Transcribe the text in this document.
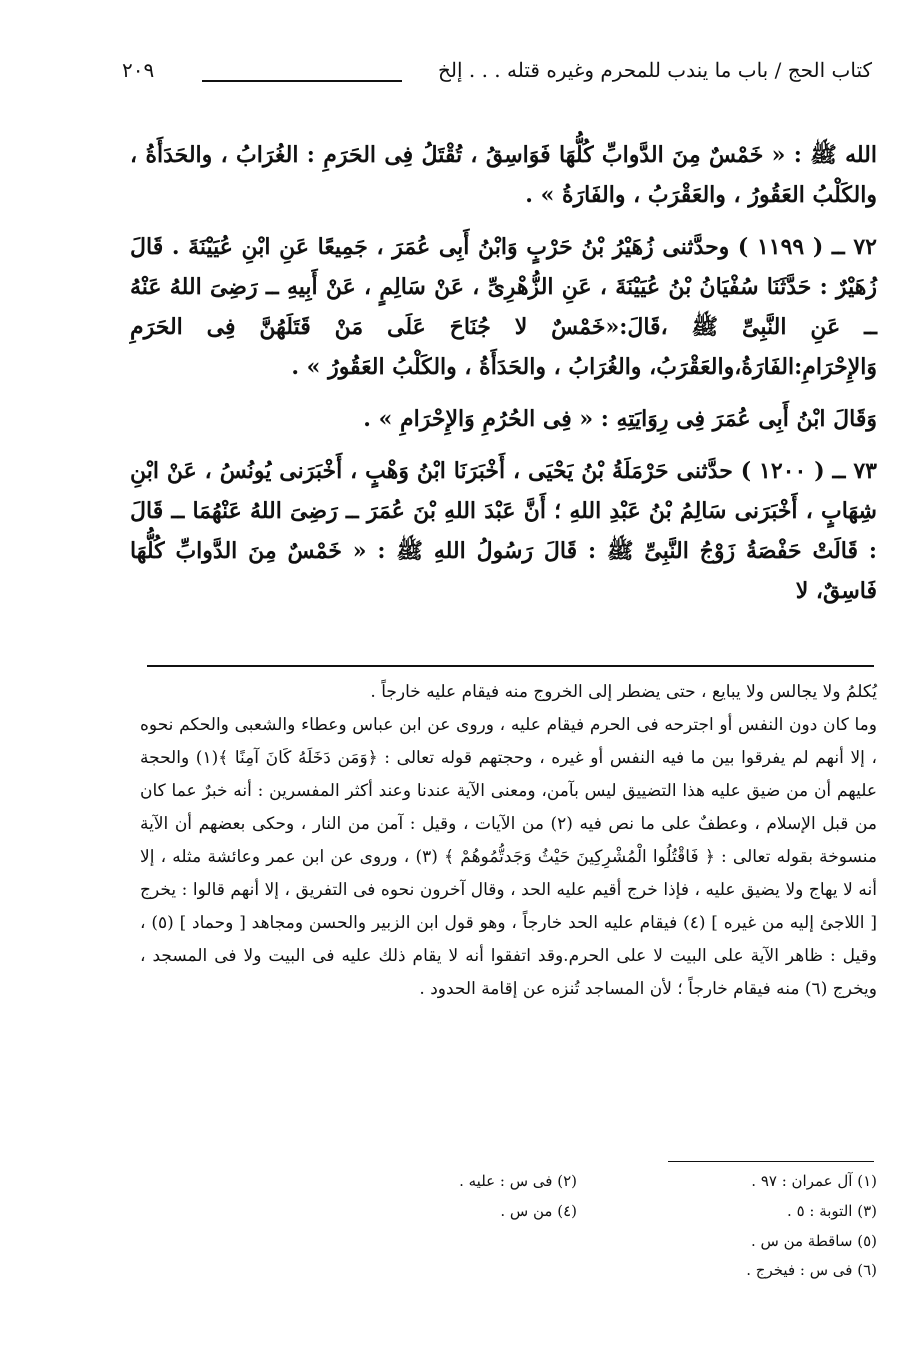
كتاب الحج / باب ما يندب للمحرم وغيره قتله . . . إلخ
٢٠٩

الله ﷺ : « خَمْسٌ مِنَ الدَّوابِّ كُلُّهَا فَوَاسِقُ ، تُقْتَلُ فِى الحَرَمِ : الغُرَابُ ، والحَدَأَةُ ، والكَلْبُ العَقُورُ ، والعَقْرَبُ ، والفَارَةُ » .

٧٢ ــ ( ١١٩٩ ) وحدَّثنى زُهَيْرُ بْنُ حَرْبٍ وَابْنُ أَبِى عُمَرَ ، جَمِيعًا عَنِ ابْنِ عُيَيْنَةَ . قَالَ زُهَيْرٌ : حَدَّثَنَا سُفْيَانُ بْنُ عُيَيْنَةَ ، عَنِ الزُّهْرِىِّ ، عَنْ سَالِمٍ ، عَنْ أَبِيهِ ــ رَضِىَ اللهُ عَنْهُ ــ عَنِ النَّبِىِّ ﷺ ،قَالَ:«خَمْسٌ لا جُنَاحَ عَلَى مَنْ قَتَلَهُنَّ فِى الحَرَمِ وَالإِحْرَامِ:الفَارَةُ،والعَقْرَبُ، والغُرَابُ ، والحَدَأَةُ ، والكَلْبُ العَقُورُ » .

وَقَالَ ابْنُ أَبِى عُمَرَ فِى رِوَايَتِهِ : « فِى الحُرُمِ وَالإِحْرَامِ » .

٧٣ ــ ( ١٢٠٠ ) حدَّثنى حَرْمَلَةُ بْنُ يَحْيَى ، أَخْبَرَنَا ابْنُ وَهْبٍ ، أَخْبَرَنى يُونُسُ ، عَنْ ابْنِ شِهَابٍ ، أَخْبَرَنى سَالِمُ بْنُ عَبْدِ اللهِ ؛ أَنَّ عَبْدَ اللهِ بْنَ عُمَرَ ــ رَضِىَ اللهُ عَنْهُمَا ــ قَالَ : قَالَتْ حَفْصَةُ زَوْجُ النَّبِىِّ ﷺ : قَالَ رَسُولُ اللهِ ﷺ : « خَمْسٌ مِنَ الدَّوابِّ كُلُّهَا فَاسِقٌ، لا

يُكلمُ ولا يجالس ولا يبايع ، حتى يضطر إلى الخروج منه فيقام عليه خارجاً .

وما كان دون النفس أو اجترحه فى الحرم فيقام عليه ، وروى عن ابن عباس وعطاء والشعبى والحكم نحوه ، إلا أنهم لم يفرقوا بين ما فيه النفس أو غيره ، وحجتهم قوله تعالى : ﴿وَمَن دَخَلَهُ كَانَ آمِنًا ﴾(١) والحجة عليهم أن من ضيق عليه هذا التضييق ليس بآمن، ومعنى الآية عندنا وعند أكثر المفسرين : أنه خبرٌ عما كان من قبل الإسلام ، وعطفٌ على ما نص فيه (٢) من الآيات ، وقيل : آمن من النار ، وحكى بعضهم أن الآية منسوخة بقوله تعالى : ﴿ فَاقْتُلُوا الْمُشْرِكِينَ حَيْثُ وَجَدتُّمُوهُمْ ﴾ (٣) ، وروى عن ابن عمر وعائشة مثله ، إلا أنه لا يهاج ولا يضيق عليه ، فإذا خرج أقيم عليه الحد ، وقال آخرون نحوه فى التفريق ، إلا أنهم قالوا : يخرج [ اللاجئ إليه من غيره ] (٤) فيقام عليه الحد خارجاً ، وهو قول ابن الزبير والحسن ومجاهد [ وحماد ] (٥) ، وقيل : ظاهر الآية على البيت لا على الحرم.وقد اتفقوا أنه لا يقام ذلك عليه فى البيت ولا فى المسجد ، ويخرج (٦) منه فيقام خارجاً ؛ لأن المساجد تُنزه عن إقامة الحدود .

(١) آل عمران : ٩٧ .
(٢) فى س : عليه .
(٣) التوبة : ٥ .
(٤) من س .
(٥) ساقطة من س .
(٦) فى س : فيخرج .
